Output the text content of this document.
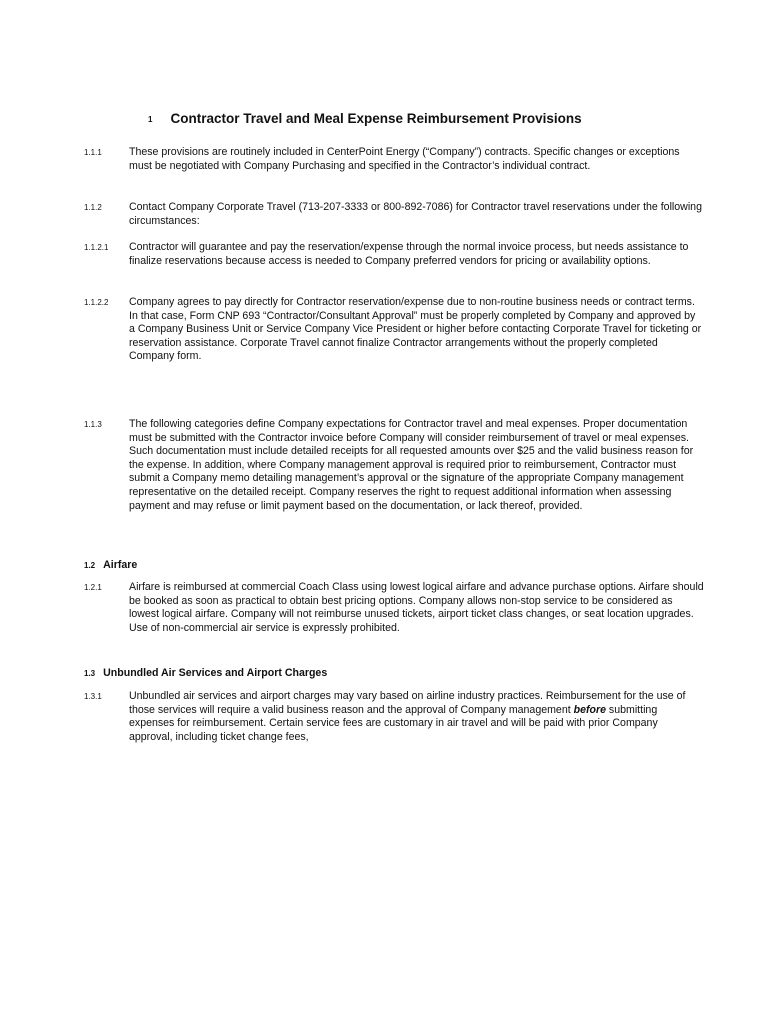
1 Contractor Travel and Meal Expense Reimbursement Provisions
1.1.1	These provisions are routinely included in CenterPoint Energy (“Company”) contracts. Specific changes or exceptions must be negotiated with Company Purchasing and specified in the Contractor’s individual contract.
1.1.2	Contact Company Corporate Travel (713-207-3333 or 800-892-7086) for Contractor travel reservations under the following circumstances:
1.1.2.1 Contractor will guarantee and pay the reservation/expense through the normal invoice process, but needs assistance to finalize reservations because access is needed to Company preferred vendors for pricing or availability options.
1.1.2.2 Company agrees to pay directly for Contractor reservation/expense due to non-routine business needs or contract terms. In that case, Form CNP 693 “Contractor/Consultant Approval” must be properly completed by Company and approved by a Company Business Unit or Service Company Vice President or higher before contacting Corporate Travel for ticketing or reservation assistance. Corporate Travel cannot finalize Contractor arrangements without the properly completed Company form.
1.1.3	The following categories define Company expectations for Contractor travel and meal expenses. Proper documentation must be submitted with the Contractor invoice before Company will consider reimbursement of travel or meal expenses. Such documentation must include detailed receipts for all requested amounts over $25 and the valid business reason for the expense. In addition, where Company management approval is required prior to reimbursement, Contractor must submit a Company memo detailing management’s approval or the signature of the appropriate Company management representative on the detailed receipt. Company reserves the right to request additional information when assessing payment and may refuse or limit payment based on the documentation, or lack thereof, provided.
1.2 Airfare
1.2.1	Airfare is reimbursed at commercial Coach Class using lowest logical airfare and advance purchase options. Airfare should be booked as soon as practical to obtain best pricing options. Company allows non-stop service to be considered as lowest logical airfare. Company will not reimburse unused tickets, airport ticket class changes, or seat location upgrades. Use of non-commercial air service is expressly prohibited.
1.3 Unbundled Air Services and Airport Charges
1.3.1	Unbundled air services and airport charges may vary based on airline industry practices. Reimbursement for the use of those services will require a valid business reason and the approval of Company management before submitting expenses for reimbursement. Certain service fees are customary in air travel and will be paid with prior Company approval, including ticket change fees,
